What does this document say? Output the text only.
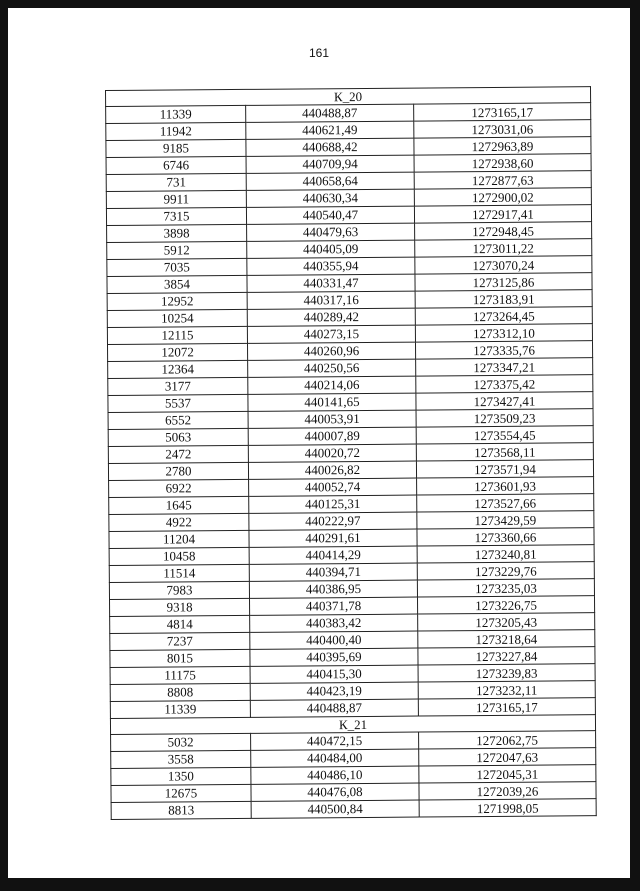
161
К_20		
11339	440488,87	1273165,17
11942	440621,49	1273031,06
9185	440688,42	1272963,89
6746	440709,94	1272938,60
731	440658,64	1272877,63
9911	440630,34	1272900,02
7315	440540,47	1272917,41
3898	440479,63	1272948,45
5912	440405,09	1273011,22
7035	440355,94	1273070,24
3854	440331,47	1273125,86
12952	440317,16	1273183,91
10254	440289,42	1273264,45
12115	440273,15	1273312,10
12072	440260,96	1273335,76
12364	440250,56	1273347,21
3177	440214,06	1273375,42
5537	440141,65	1273427,41
6552	440053,91	1273509,23
5063	440007,89	1273554,45
2472	440020,72	1273568,11
2780	440026,82	1273571,94
6922	440052,74	1273601,93
1645	440125,31	1273527,66
4922	440222,97	1273429,59
11204	440291,61	1273360,66
10458	440414,29	1273240,81
11514	440394,71	1273229,76
7983	440386,95	1273235,03
9318	440371,78	1273226,75
4814	440383,42	1273205,43
7237	440400,40	1273218,64
8015	440395,69	1273227,84
11175	440415,30	1273239,83
8808	440423,19	1273232,11
11339	440488,87	1273165,17
К_21		
5032	440472,15	1272062,75
3558	440484,00	1272047,63
1350	440486,10	1272045,31
12675	440476,08	1272039,26
8813	440500,84	1271998,05
